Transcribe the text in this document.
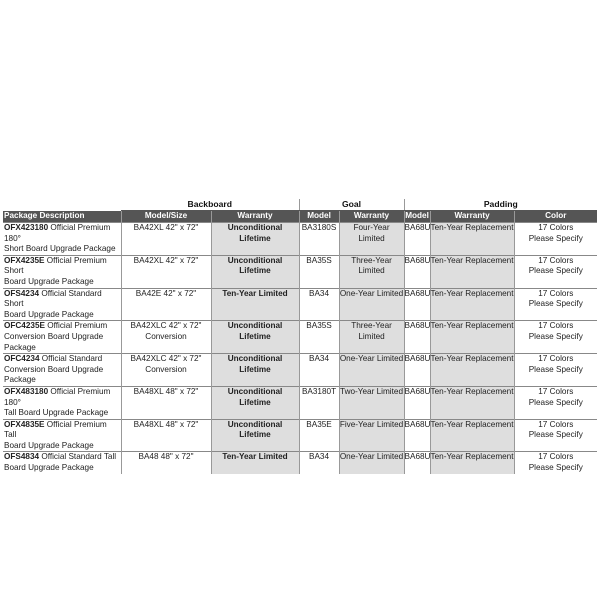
	Backboard		Goal		Padding		
Package Description	Model/Size	Warranty	Model	Warranty	Model	Warranty	Color
OFX423180 Official Premium 180°
Short Board Upgrade Package	BA42XL 42" x 72"	Unconditional Lifetime	BA3180S	Four-Year Limited	BA68U	Ten-Year Replacement	17 Colors
Please Specify
OFX4235E Official Premium Short
Board Upgrade Package	BA42XL 42" x 72"	Unconditional Lifetime	BA35S	Three-Year Limited	BA68U	Ten-Year Replacement	17 Colors
Please Specify
OFS4234 Official Standard Short
Board Upgrade Package	BA42E 42" x 72"	Ten-Year Limited	BA34	One-Year Limited	BA68U	Ten-Year Replacement	17 Colors
Please Specify
OFC4235E Official Premium
Conversion Board Upgrade Package	BA42XLC 42" x 72"
Conversion	Unconditional Lifetime	BA35S	Three-Year Limited	BA68U	Ten-Year Replacement	17 Colors
Please Specify
OFC4234 Official Standard
Conversion Board Upgrade Package	BA42XLC 42" x 72"
Conversion	Unconditional Lifetime	BA34	One-Year Limited	BA68U	Ten-Year Replacement	17 Colors
Please Specify
OFX483180 Official Premium 180°
Tall Board Upgrade Package	BA48XL 48" x 72"	Unconditional Lifetime	BA3180T	Two-Year Limited	BA68U	Ten-Year Replacement	17 Colors
Please Specify
OFX4835E Official Premium Tall
Board Upgrade Package	BA48XL 48" x 72"	Unconditional Lifetime	BA35E	Five-Year Limited	BA68U	Ten-Year Replacement	17 Colors
Please Specify
OFS4834 Official Standard Tall
Board Upgrade Package	BA48 48" x 72"	Ten-Year Limited	BA34	One-Year Limited	BA68U	Ten-Year Replacement	17 Colors
Please Specify
